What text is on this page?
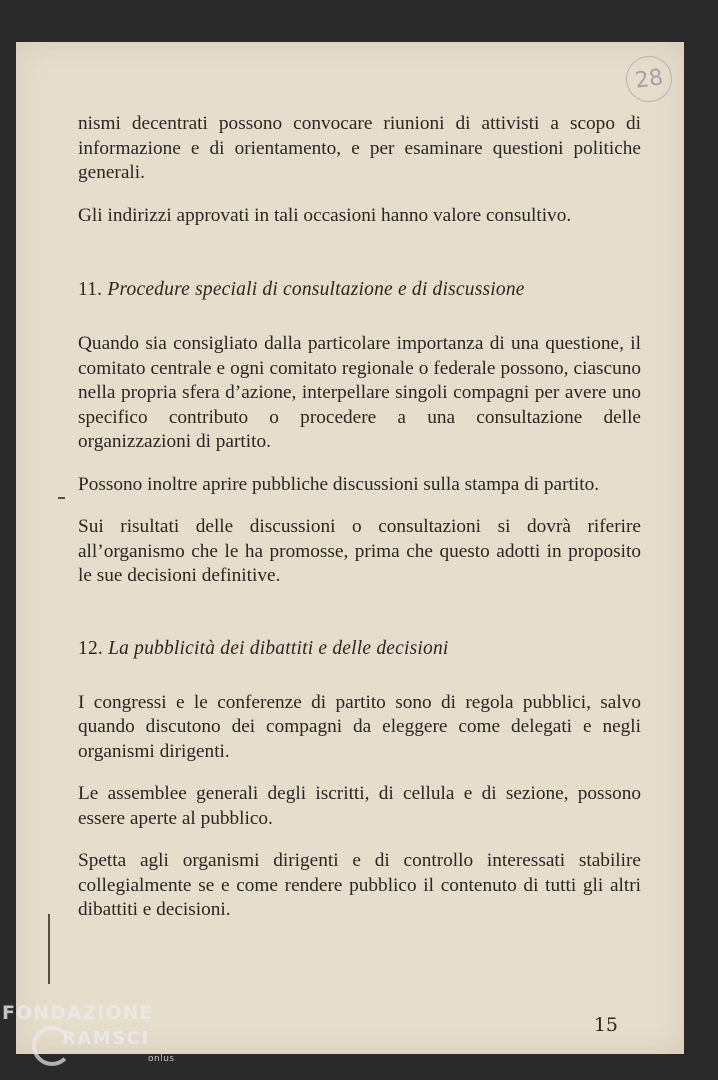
28

nismi decentrati possono convocare riunioni di attivisti a scopo di informazione e di orientamento, e per esaminare questioni politiche generali.

Gli indirizzi approvati in tali occasioni hanno valore consultivo.

11. Procedure speciali di consultazione e di discussione

Quando sia consigliato dalla particolare importanza di una questione, il comitato centrale e ogni comitato regionale o federale possono, ciascuno nella propria sfera d’azione, interpellare singoli compagni per avere uno specifico contributo o procedere a una consultazione delle organizzazioni di partito.

Possono inoltre aprire pubbliche discussioni sulla stampa di partito.

Sui risultati delle discussioni o consultazioni si dovrà riferire all’organismo che le ha promosse, prima che questo adotti in proposito le sue decisioni definitive.

12. La pubblicità dei dibattiti e delle decisioni

I congressi e le conferenze di partito sono di regola pubblici, salvo quando discutono dei compagni da eleggere come delegati e negli organismi dirigenti.

Le assemblee generali degli iscritti, di cellula e di sezione, possono essere aperte al pubblico.

Spetta agli organismi dirigenti e di controllo interessati stabilire collegialmente se e come rendere pubblico il contenuto di tutti gli altri dibattiti e decisioni.

15
FONDAZIONE
RAMSCI
onlus
